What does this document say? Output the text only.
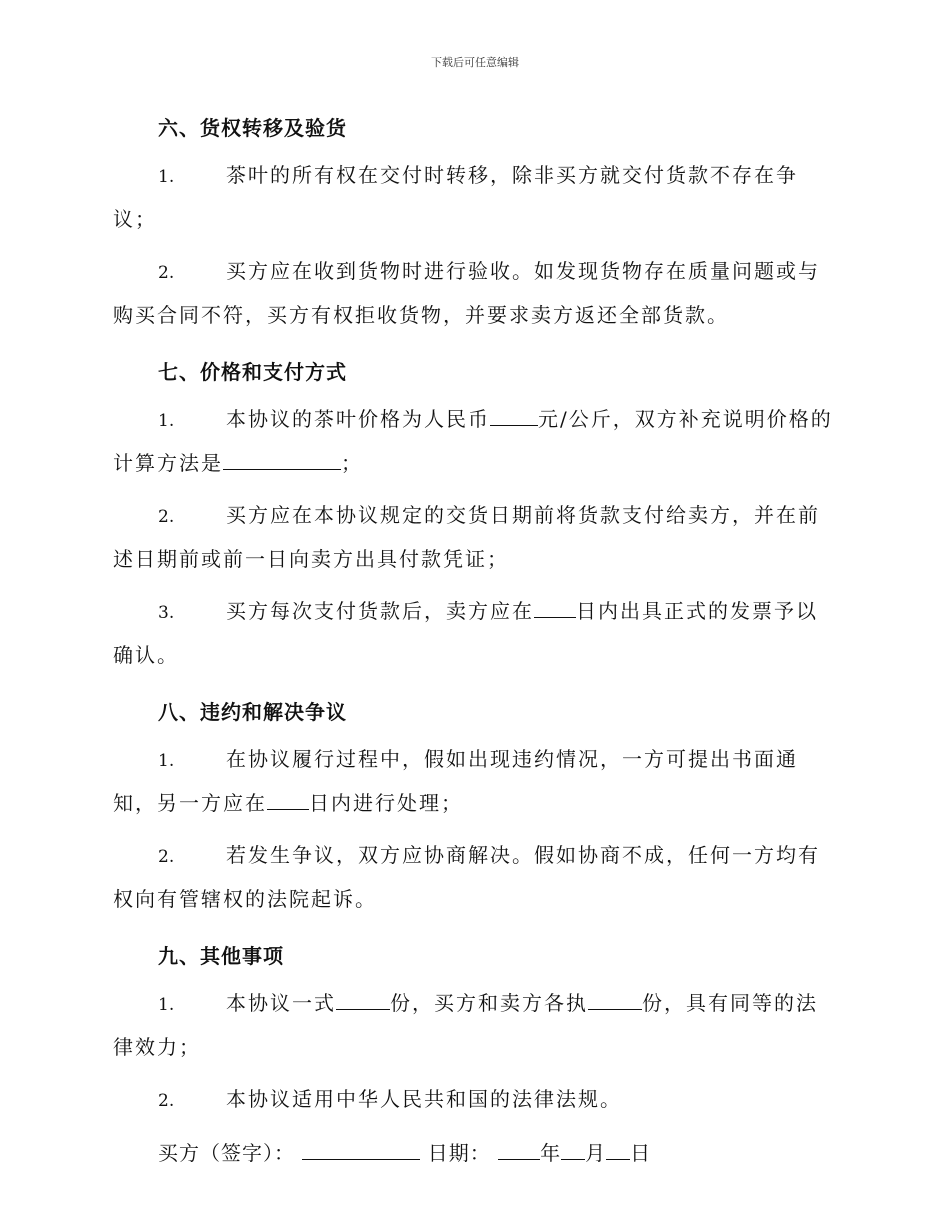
下载后可任意编辑
六、货权转移及验货
1.	茶叶的所有权在交付时转移，除非买方就交付货款不存在争议；
2.	买方应在收到货物时进行验收。如发现货物存在质量问题或与购买合同不符，买方有权拒收货物，并要求卖方返还全部货款。
七、价格和支付方式
1.	本协议的茶叶价格为人民币 元/公斤，双方补充说明价格的计算方法是	；
2.	买方应在本协议规定的交货日期前将货款支付给卖方，并在前述日期前或前一日向卖方出具付款凭证；
3.	买方每次支付货款后，卖方应在 日内出具正式的发票予以确认。
八、违约和解决争议
1.	在协议履行过程中，假如出现违约情况，一方可提出书面通知，另一方应在 日内进行处理；
2.	若发生争议，双方应协商解决。假如协商不成，任何一方均有权向有管辖权的法院起诉。
九、其他事项
1.	本协议一式	份，买方和卖方各执	份，具有同等的法律效力；
2.	本协议适用中华人民共和国的法律法规。
买方（签字）：	日期： 年 月 日
